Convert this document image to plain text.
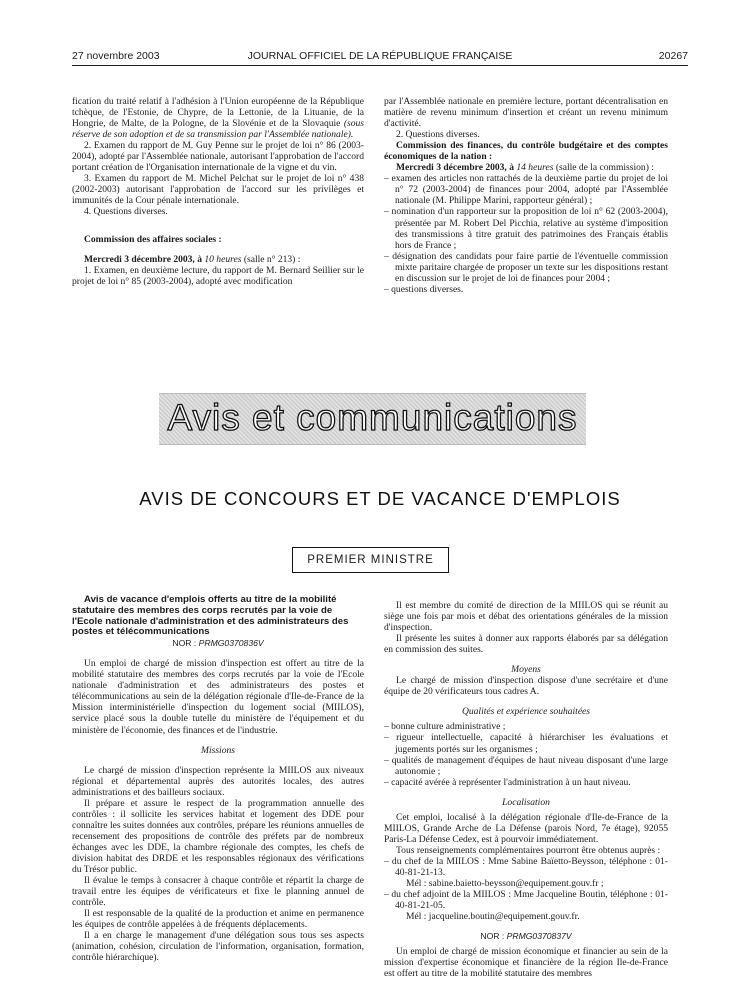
27 novembre 2003	JOURNAL OFFICIEL DE LA RÉPUBLIQUE FRANÇAISE	20267

fication du traité relatif à l'adhésion à l'Union européenne de la République tchèque, de l'Estonie, de Chypre, de la Lettonie, de la Lituanie, de la Hongrie, de Malte, de la Pologne, de la Slovénie et de la Slovaquie (sous réserve de son adoption et de sa transmission par l'Assemblée nationale).

2. Examen du rapport de M. Guy Penne sur le projet de loi n° 86 (2003-2004), adopté par l'Assemblée nationale, autorisant l'approbation de l'accord portant création de l'Organisation internationale de la vigne et du vin.

3. Examen du rapport de M. Michel Pelchat sur le projet de loi n° 438 (2002-2003) autorisant l'approbation de l'accord sur les privilèges et immunités de la Cour pénale internationale.

4. Questions diverses.

Commission des affaires sociales :

Mercredi 3 décembre 2003, à 10 heures (salle n° 213) :

1. Examen, en deuxième lecture, du rapport de M. Bernard Seillier sur le projet de loi n° 85 (2003-2004), adopté avec modification

par l'Assemblée nationale en première lecture, portant décentralisation en matière de revenu minimum d'insertion et créant un revenu minimum d'activité.

2. Questions diverses.

Commission des finances, du contrôle budgétaire et des comptes économiques de la nation :

Mercredi 3 décembre 2003, à 14 heures (salle de la commission) :

– examen des articles non rattachés de la deuxième partie du projet de loi n° 72 (2003-2004) de finances pour 2004, adopté par l'Assemblée nationale (M. Philippe Marini, rapporteur général) ;

– nomination d'un rapporteur sur la proposition de loi n° 62 (2003-2004), présentée par M. Robert Del Picchia, relative au système d'imposition des transmissions à titre gratuit des patrimoines des Français établis hors de France ;

– désignation des candidats pour faire partie de l'éventuelle commission mixte paritaire chargée de proposer un texte sur les dispositions restant en discussion sur le projet de loi de finances pour 2004 ;

– questions diverses.

Avis et communications
AVIS DE CONCOURS ET DE VACANCE D'EMPLOIS
PREMIER MINISTRE

Avis de vacance d'emplois offerts au titre de la mobilité statutaire des membres des corps recrutés par la voie de l'Ecole nationale d'administration et des administrateurs des postes et télécommunications

NOR : PRMG0370836V

Un emploi de chargé de mission d'inspection est offert au titre de la mobilité statutaire des membres des corps recrutés par la voie de l'Ecole nationale d'administration et des administrateurs des postes et télécommunications au sein de la délégation régionale d'Ile-de-France de la Mission interministérielle d'inspection du logement social (MIILOS), service placé sous la double tutelle du ministère de l'équipement et du ministère de l'économie, des finances et de l'industrie.

Missions

Le chargé de mission d'inspection représente la MIILOS aux niveaux régional et départemental auprès des autorités locales, des autres administrations et des bailleurs sociaux.

Il prépare et assure le respect de la programmation annuelle des contrôles : il sollicite les services habitat et logement des DDE pour connaître les suites données aux contrôles, prépare les réunions annuelles de recensement des propositions de contrôle des préfets par de nombreux échanges avec les DDE, la chambre régionale des comptes, les chefs de division habitat des DRDE et les responsables régionaux des vérifications du Trésor public.

Il évalue le temps à consacrer à chaque contrôle et répartit la charge de travail entre les équipes de vérificateurs et fixe le planning annuel de contrôle.

Il est responsable de la qualité de la production et anime en permanence les équipes de contrôle appelées à de fréquents déplacements.

Il a en charge le management d'une délégation sous tous ses aspects (animation, cohésion, circulation de l'information, organisation, formation, contrôle hiérarchique).

Il est membre du comité de direction de la MIILOS qui se réunit au siège une fois par mois et débat des orientations générales de la mission d'inspection.

Il présente les suites à donner aux rapports élaborés par sa délégation en commission des suites.

Moyens

Le chargé de mission d'inspection dispose d'une secrétaire et d'une équipe de 20 vérificateurs tous cadres A.

Qualités et expérience souhaitées

– bonne culture administrative ;

– rigueur intellectuelle, capacité à hiérarchiser les évaluations et jugements portés sur les organismes ;

– qualités de management d'équipes de haut niveau disposant d'une large autonomie ;

– capacité avérée à représenter l'administration à un haut niveau.

Localisation

Cet emploi, localisé à la délégation régionale d'Ile-de-France de la MIILOS, Grande Arche de La Défense (parois Nord, 7e étage), 92055 Paris-La Défense Cedex, est à pourvoir immédiatement.

Tous renseignements complémentaires pourront être obtenus auprès :

– du chef de la MIILOS : Mme Sabine Baïetto-Beysson, téléphone : 01-40-81-21-13.

Mél : sabine.baietto-beysson@equipement.gouv.fr ;

– du chef adjoint de la MIILOS : Mme Jacqueline Boutin, téléphone : 01-40-81-21-05.

Mél : jacqueline.boutin@equipement.gouv.fr.

NOR : PRMG0370837V

Un emploi de chargé de mission économique et financier au sein de la mission d'expertise économique et financière de la région Ile-de-France est offert au titre de la mobilité statutaire des membres
